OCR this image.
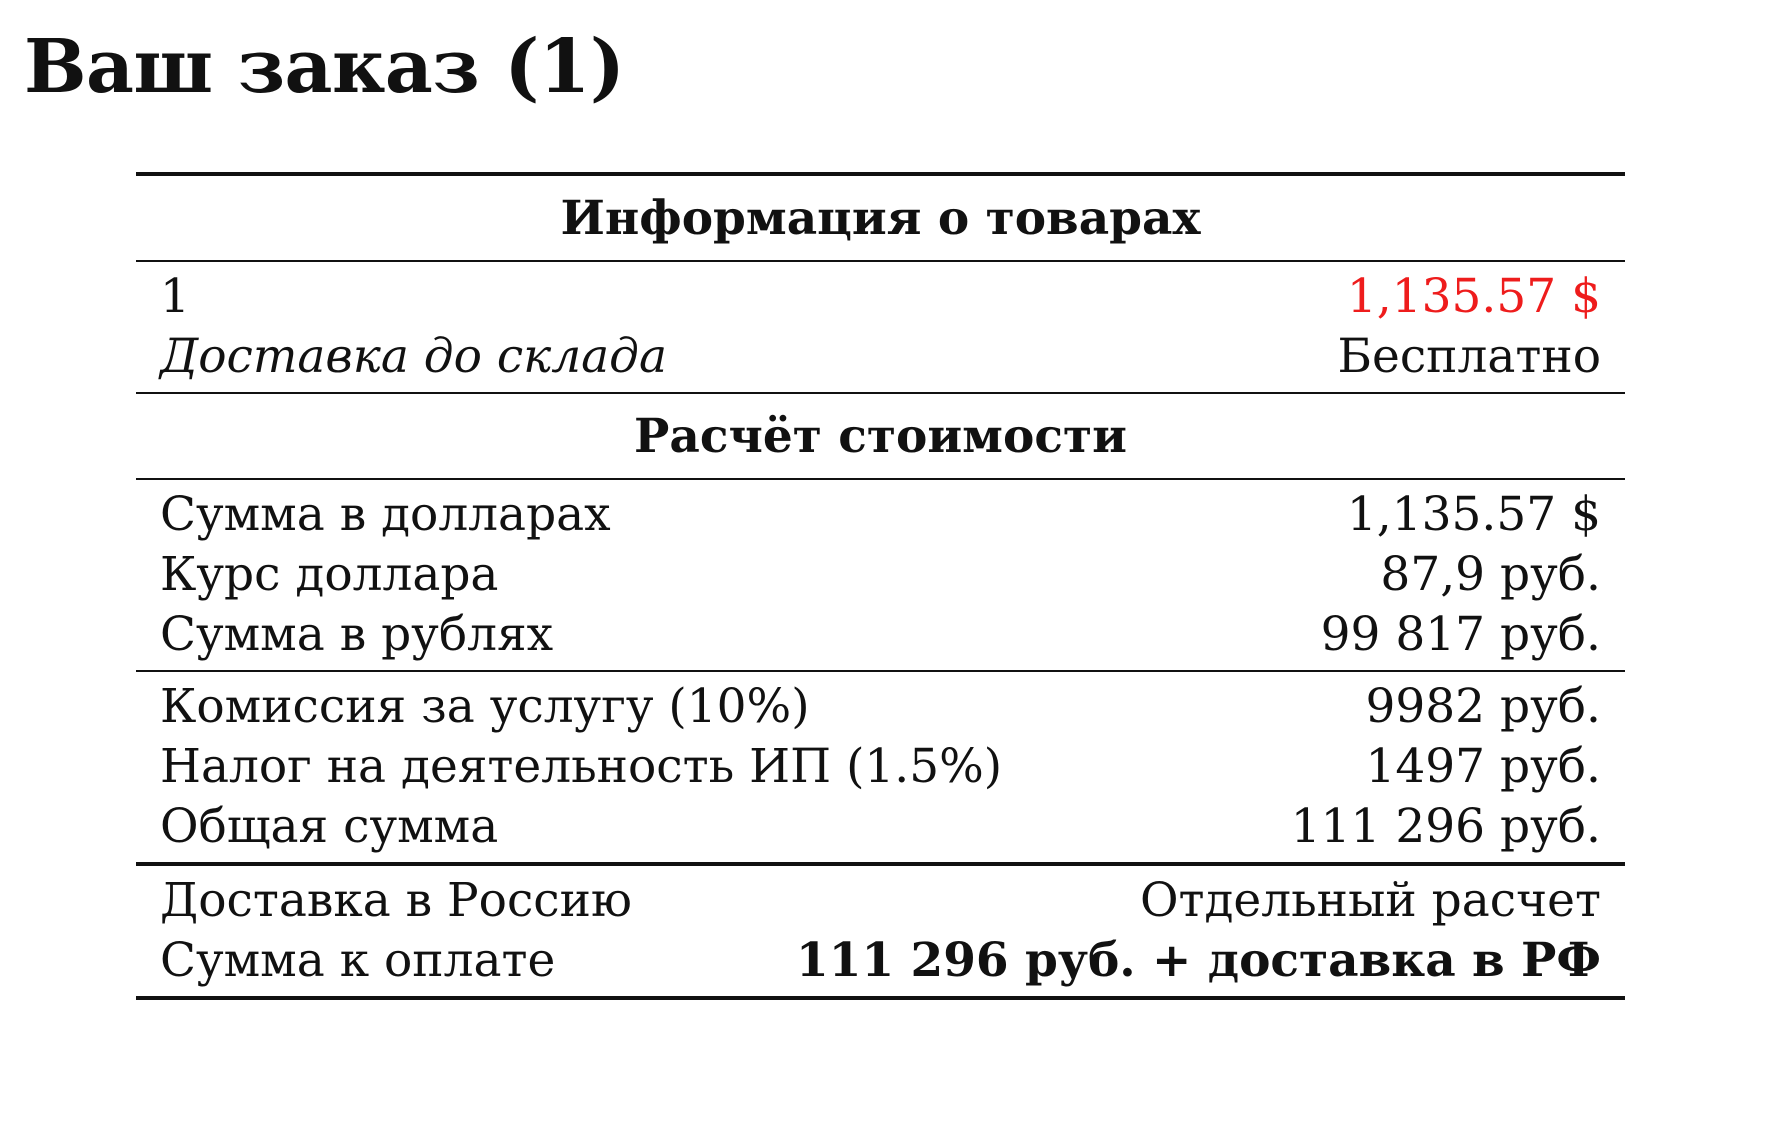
Ваш заказ (1)
Информация о товарах
1	1,135.57 $
Доставка до склада	Бесплатно
Расчёт стоимости
Сумма в долларах	1,135.57 $
Курс доллара	87,9 руб.
Сумма в рублях	99 817 руб.
Комиссия за услугу (10%)	9982 руб.
Налог на деятельность ИП (1.5%)	1497 руб.
Общая сумма	111 296 руб.
Доставка в Россию	Отдельный расчет
Сумма к оплате	111 296 руб. + доставка в РФ
